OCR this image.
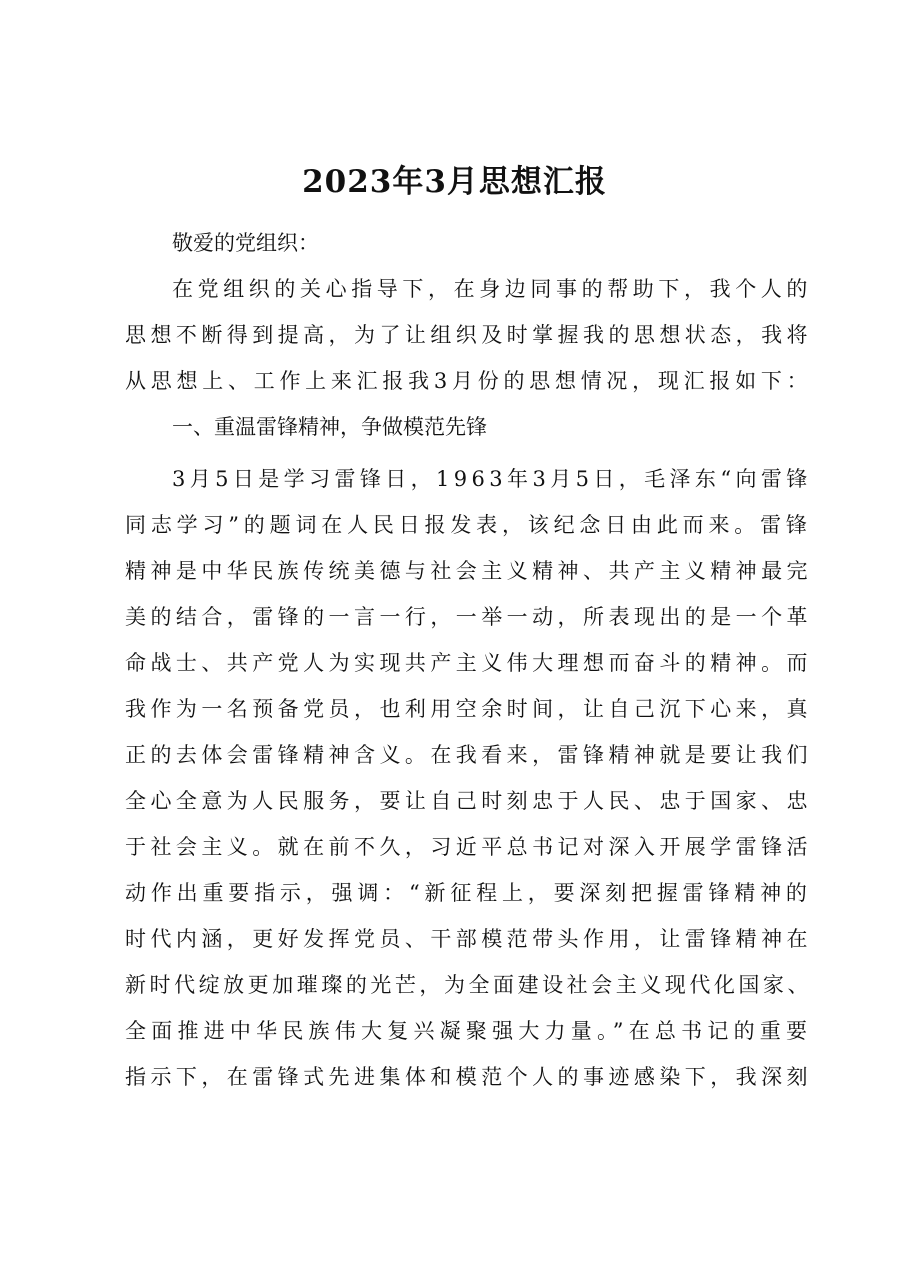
2023年3月思想汇报
敬爱的党组织：
在党组织的关心指导下，在身边同事的帮助下，我个人的
思想不断得到提高，为了让组织及时掌握我的思想状态，我将
从思想上、工作上来汇报我3月份的思想情况，现汇报如下：
一、重温雷锋精神，争做模范先锋
3月5日是学习雷锋日，1963年3月5日，毛泽东“向雷锋
同志学习”的题词在人民日报发表，该纪念日由此而来。雷锋
精神是中华民族传统美德与社会主义精神、共产主义精神最完
美的结合，雷锋的一言一行，一举一动，所表现出的是一个革
命战士、共产党人为实现共产主义伟大理想而奋斗的精神。而
我作为一名预备党员，也利用空余时间，让自己沉下心来，真
正的去体会雷锋精神含义。在我看来，雷锋精神就是要让我们
全心全意为人民服务，要让自己时刻忠于人民、忠于国家、忠
于社会主义。就在前不久，习近平总书记对深入开展学雷锋活
动作出重要指示，强调：“新征程上，要深刻把握雷锋精神的
时代内涵，更好发挥党员、干部模范带头作用，让雷锋精神在
新时代绽放更加璀璨的光芒，为全面建设社会主义现代化国家、
全面推进中华民族伟大复兴凝聚强大力量。”在总书记的重要
指示下，在雷锋式先进集体和模范个人的事迹感染下，我深刻
